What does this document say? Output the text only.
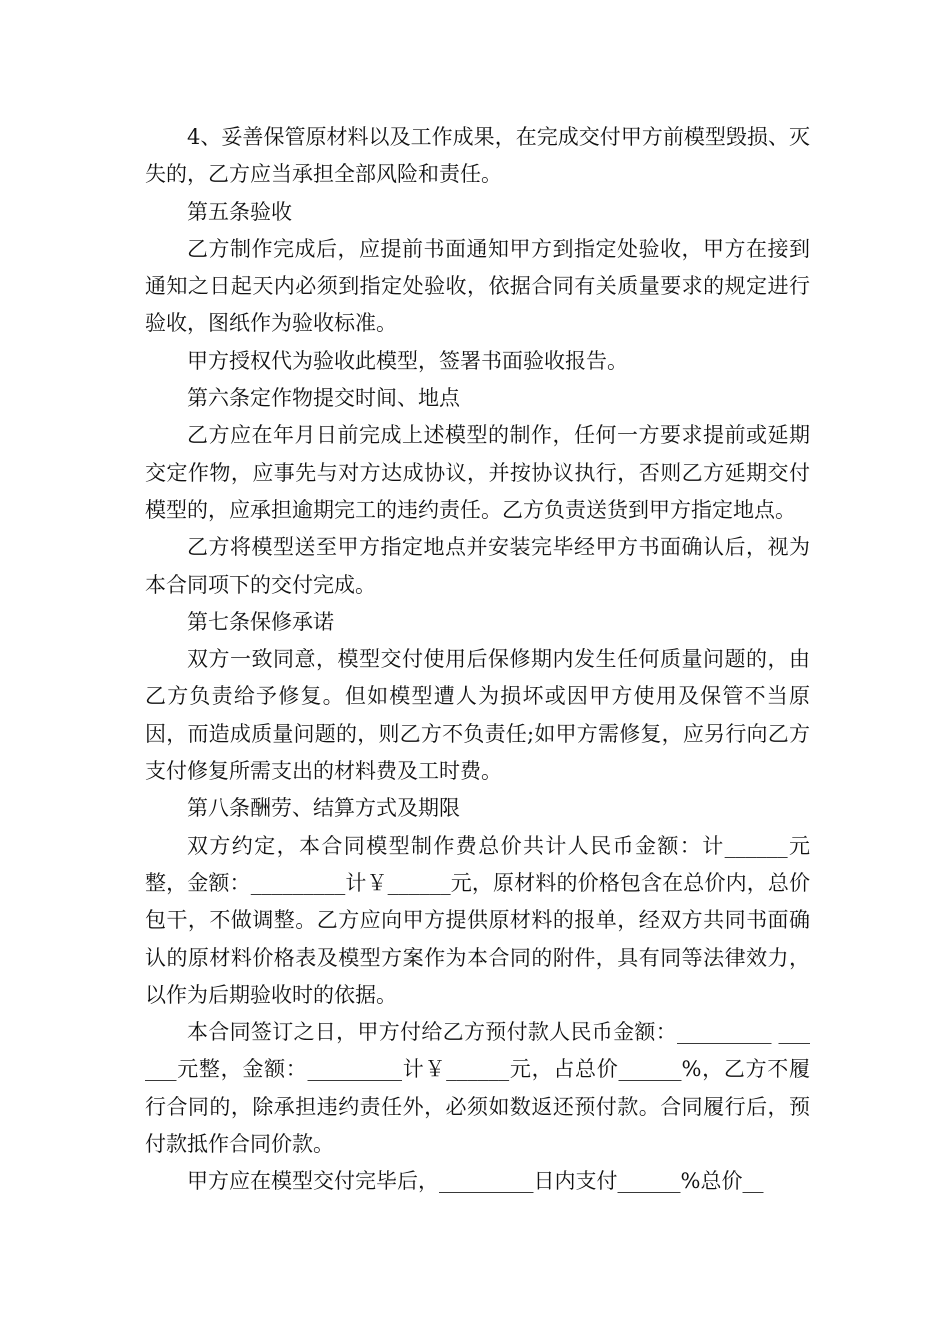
4、妥善保管原材料以及工作成果，在完成交付甲方前模型毁损、灭失的，乙方应当承担全部风险和责任。

第五条验收

乙方制作完成后，应提前书面通知甲方到指定处验收，甲方在接到通知之日起天内必须到指定处验收，依据合同有关质量要求的规定进行验收，图纸作为验收标准。

甲方授权代为验收此模型，签署书面验收报告。

第六条定作物提交时间、地点

乙方应在年月日前完成上述模型的制作，任何一方要求提前或延期交定作物，应事先与对方达成协议，并按协议执行，否则乙方延期交付模型的，应承担逾期完工的违约责任。乙方负责送货到甲方指定地点。

乙方将模型送至甲方指定地点并安装完毕经甲方书面确认后，视为本合同项下的交付完成。

第七条保修承诺

双方一致同意，模型交付使用后保修期内发生任何质量问题的，由乙方负责给予修复。但如模型遭人为损坏或因甲方使用及保管不当原因，而造成质量问题的，则乙方不负责任;如甲方需修复，应另行向乙方支付修复所需支出的材料费及工时费。

第八条酬劳、结算方式及期限

双方约定，本合同模型制作费总价共计人民币金额：计______元整，金额：_________计￥______元，原材料的价格包含在总价内，总价包干，不做调整。乙方应向甲方提供原材料的报单，经双方共同书面确认的原材料价格表及模型方案作为本合同的附件，具有同等法律效力，以作为后期验收时的依据。

本合同签订之日，甲方付给乙方预付款人民币金额：_________ ______元整，金额：_________计￥______元，占总价______%，乙方不履行合同的，除承担违约责任外，必须如数返还预付款。合同履行后，预付款抵作合同价款。

甲方应在模型交付完毕后，_________日内支付______%总价__
